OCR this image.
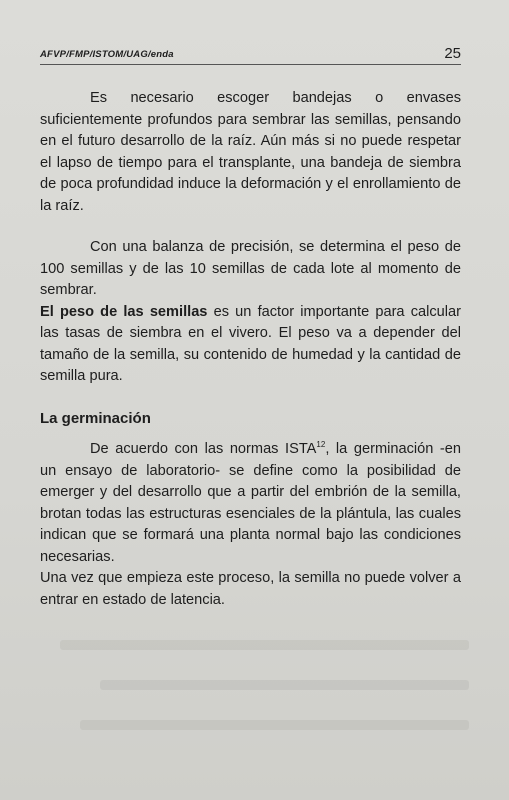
AFVP/FMP/ISTOM/UAG/enda	25

Es necesario escoger bandejas o envases suficientemente profundos para sembrar las semillas, pensando en el futuro desarrollo de la raíz. Aún más si no puede respetar el lapso de tiempo para el transplante, una bandeja de siembra de poca profundidad induce la deformación y el enrollamiento de la raíz.

Con una balanza de precisión, se determina el peso de 100 semillas y de las 10 semillas de cada lote al momento de sembrar.

El peso de las semillas es un factor importante para calcular las tasas de siembra en el vivero. El peso va a depender del tamaño de la semilla, su contenido de humedad y la cantidad de semilla pura.

La germinación

De acuerdo con las normas ISTA$^{12}$, la germinación -en un ensayo de laboratorio- se define como la posibilidad de emerger y del desarrollo que a partir del embrión de la semilla, brotan todas las estructuras esenciales de la plántula, las cuales indican que se formará una planta normal bajo las condiciones necesarias.

Una vez que empieza este proceso, la semilla no puede volver a entrar en estado de latencia.
